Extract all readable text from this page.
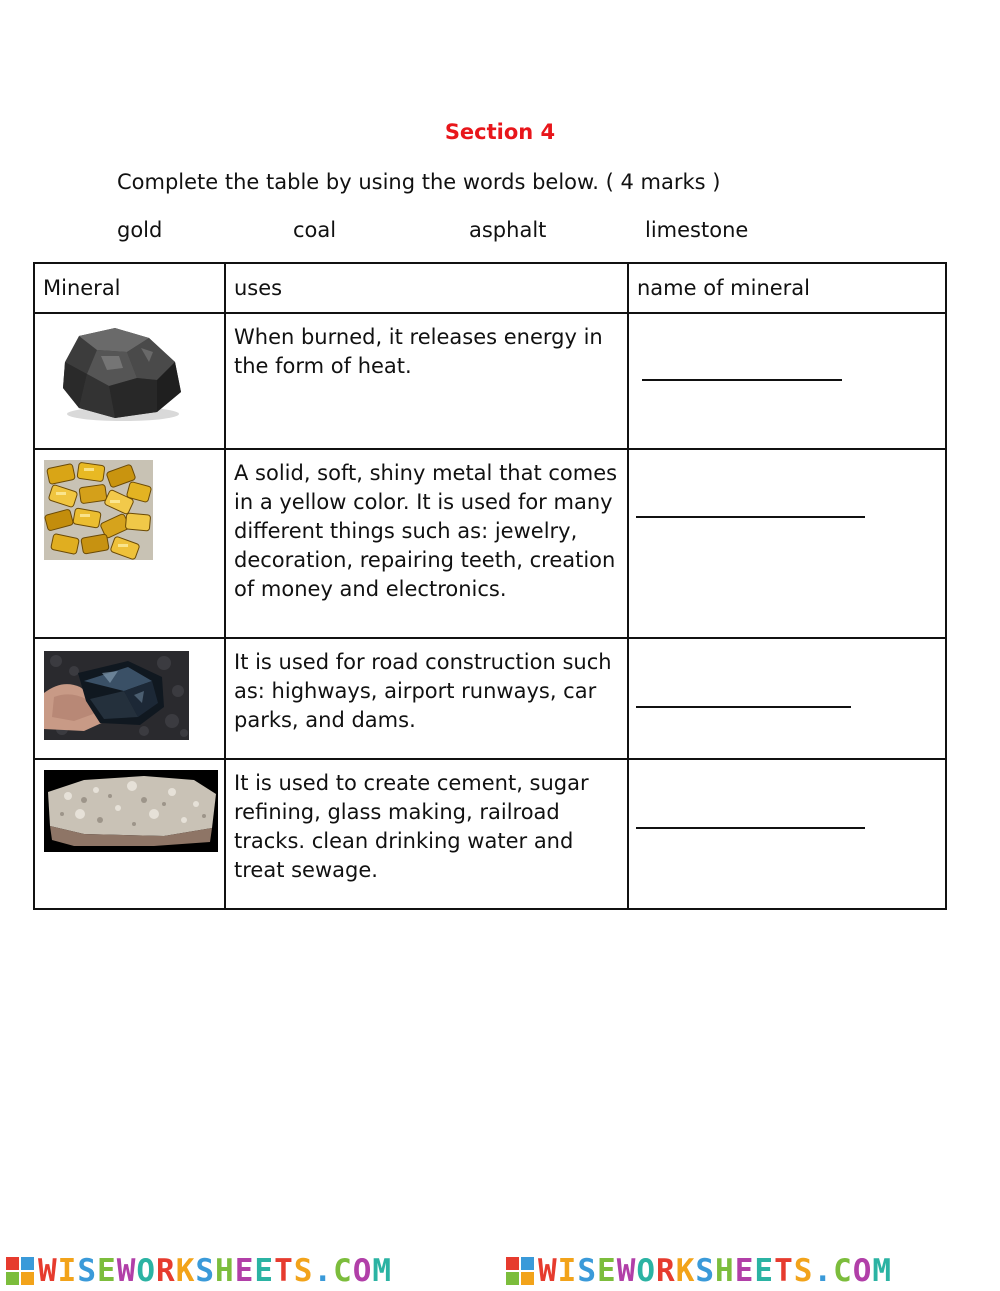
Section 4
Complete the table by using the words below. ( 4 marks )
gold	coal	asphalt	limestone
Mineral	uses	name of mineral

When burned, it releases energy in the form of heat.	

A solid, soft, shiny metal that comes in a yellow color. It is used for many different things such as: jewelry, decoration, repairing teeth, creation of money and electronics.	

It is used for road construction such as: highways, airport runways, car parks, and dams.	

It is used to create cement, sugar refining, glass making, railroad tracks. clean drinking water and treat sewage.	

WISEWORKSHEETS.COM	WISEWORKSHEETS.COM
